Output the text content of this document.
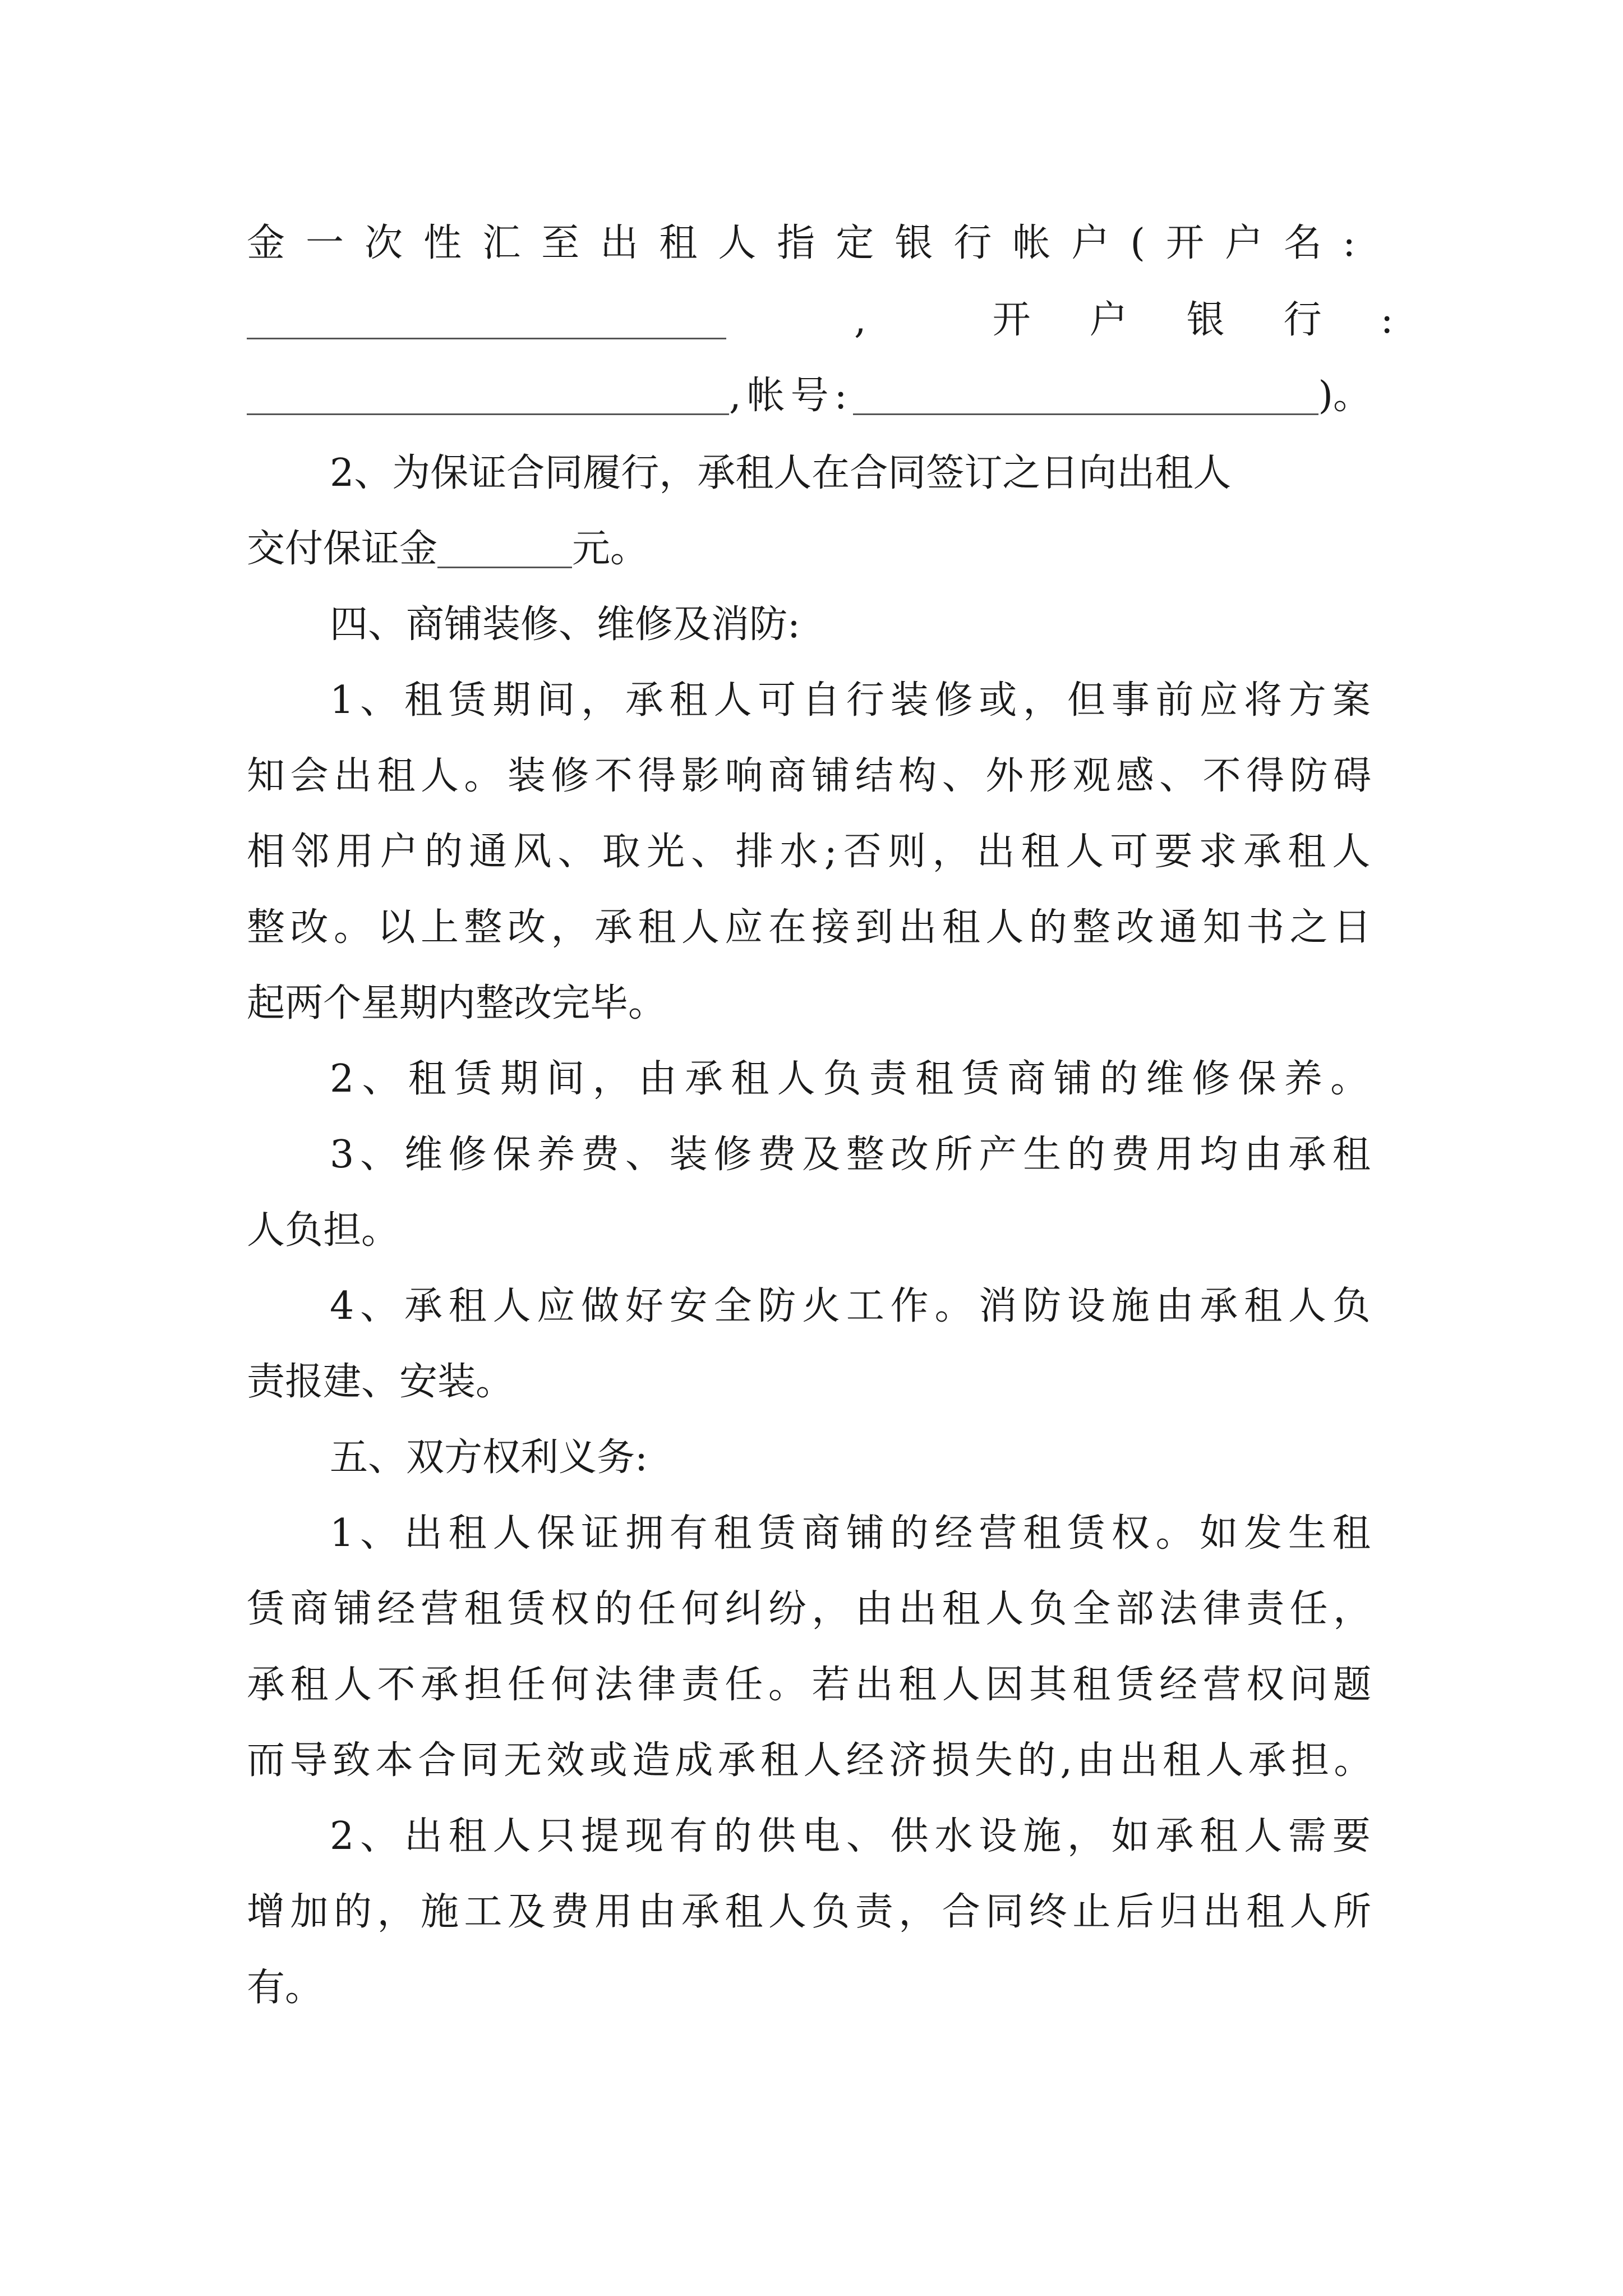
金一次性汇至出租人指定银行帐户(开户名:
,	开户银行:
,帐号:	)。
2、为保证合同履行，承租人在合同签订之日向出租人
交付保证金	元。
四、商铺装修、维修及消防:
1、租赁期间，承租人可自行装修或，但事前应将方案
知会出租人。装修不得影响商铺结构、外形观感、不得防碍
相邻用户的通风、取光、排水;否则，出租人可要求承租人
整改。以上整改，承租人应在接到出租人的整改通知书之日
起两个星期内整改完毕。
2、租赁期间，由承租人负责租赁商铺的维修保养。
3、维修保养费、装修费及整改所产生的费用均由承租
人负担。
4、承租人应做好安全防火工作。消防设施由承租人负
责报建、安装。
五、双方权利义务:
1、出租人保证拥有租赁商铺的经营租赁权。如发生租
赁商铺经营租赁权的任何纠纷，由出租人负全部法律责任，
承租人不承担任何法律责任。若出租人因其租赁经营权问题
而导致本合同无效或造成承租人经济损失的,由出租人承担。
2、出租人只提现有的供电、供水设施，如承租人需要
增加的，施工及费用由承租人负责，合同终止后归出租人所
有。
